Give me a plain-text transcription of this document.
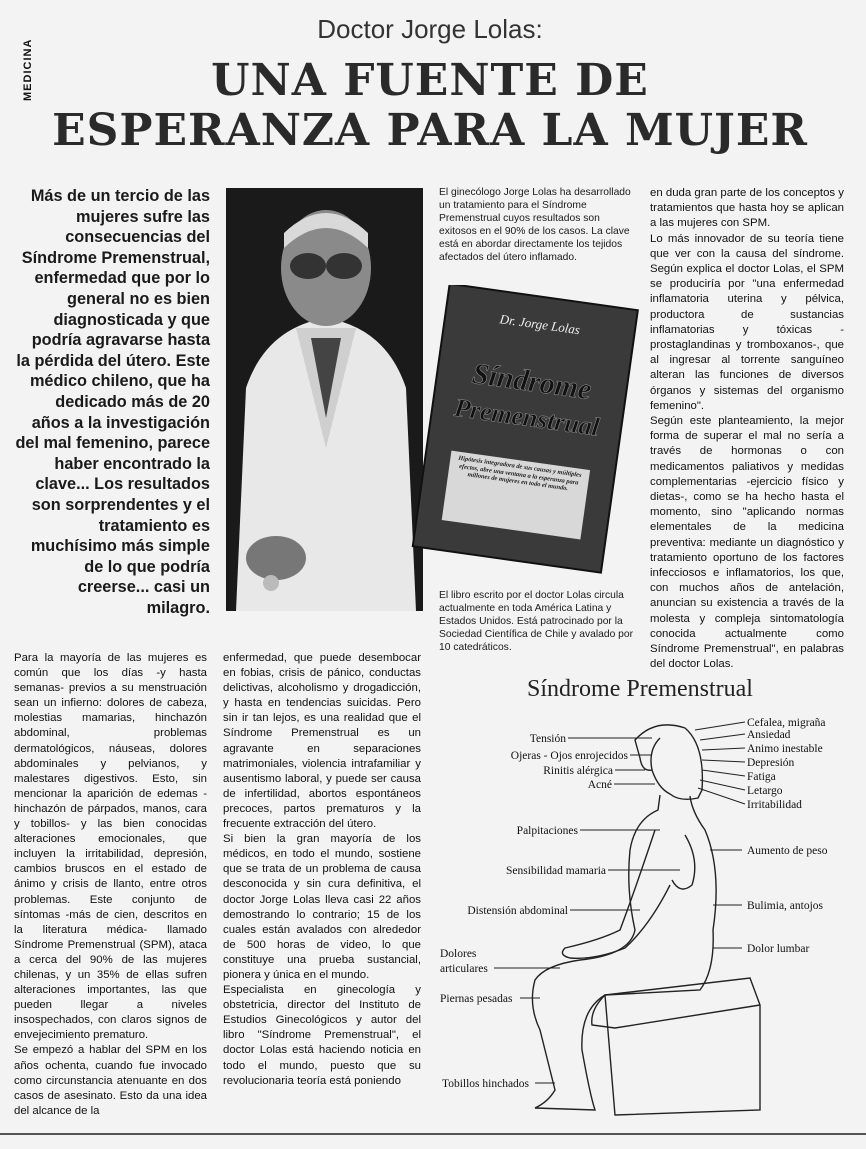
MEDICINA
Doctor Jorge Lolas:
UNA FUENTE DE
ESPERANZA PARA LA MUJER
Más de un tercio de las mujeres sufre las consecuencias del Síndrome Premenstrual, enfermedad que por lo general no es bien diagnosticada y que podría agravarse hasta la pérdida del útero. Este médico chileno, que ha dedicado más de 20 años a la investigación del mal femenino, parece haber encontrado la clave... Los resultados son sorprendentes y el tratamiento es muchísimo más simple de lo que podría creerse... casi un milagro.
Dr. Jorge Lolas
Síndrome
Premenstrual
Hipótesis integradora de sus causas y múltiples efectos, abre una ventana a la esperanza para millones de mujeres en todo el mundo.
El ginecólogo Jorge Lolas ha desarrollado un tratamiento para el Síndrome Premenstrual cuyos resultados son exitosos en el 90% de los casos. La clave está en abordar directamente los tejidos afectados del útero inflamado.
El libro escrito por el doctor Lolas circula actualmente en toda América Latina y Estados Unidos. Está patrocinado por la Sociedad Científica de Chile y avalado por 10 catedráticos.

en duda gran parte de los conceptos y tratamientos que hasta hoy se aplican a las mujeres con SPM.

Lo más innovador de su teoría tiene que ver con la causa del síndrome. Según explica el doctor Lolas, el SPM se produciría por "una enfermedad inflamatoria uterina y pélvica, productora de sustancias inflamatorias y tóxicas -prostaglandinas y tromboxanos-, que al ingresar al torrente sanguíneo alteran las funciones de diversos órganos y sistemas del organismo femenino".

Según este planteamiento, la mejor forma de superar el mal no sería a través de hormonas o con medicamentos paliativos y medidas complementarias -ejercicio físico y dietas-, como se ha hecho hasta el momento, sino "aplicando normas elementales de la medicina preventiva: mediante un diagnóstico y tratamiento oportuno de los factores infecciosos e inflamatorios, los que, con muchos años de antelación, anuncian su existencia a través de la molesta y compleja sintomatología conocida actualmente como Síndrome Premenstrual", en palabras del doctor Lolas.

Para la mayoría de las mujeres es común que los días -y hasta semanas- previos a su menstruación sean un infierno: dolores de cabeza, molestias mamarias, hinchazón abdominal, problemas dermatológicos, náuseas, dolores abdominales y pelvianos, y malestares digestivos. Esto, sin mencionar la aparición de edemas -hinchazón de párpados, manos, cara y tobillos- y las bien conocidas alteraciones emocionales, que incluyen la irritabilidad, depresión, cambios bruscos en el estado de ánimo y crisis de llanto, entre otros problemas. Este conjunto de síntomas -más de cien, descritos en la literatura médica- llamado Síndrome Premenstrual (SPM), ataca a cerca del 90% de las mujeres chilenas, y un 35% de ellas sufren alteraciones importantes, las que pueden llegar a niveles insospechados, con claros signos de envejecimiento prematuro.

Se empezó a hablar del SPM en los años ochenta, cuando fue invocado como circunstancia atenuante en dos casos de asesinato. Esto da una idea del alcance de la

enfermedad, que puede desembocar en fobias, crisis de pánico, conductas delictivas, alcoholismo y drogadicción, y hasta en tendencias suicidas. Pero sin ir tan lejos, es una realidad que el Síndrome Premenstrual es un agravante en separaciones matrimoniales, violencia intrafamiliar y ausentismo laboral, y puede ser causa de infertilidad, abortos espontáneos precoces, partos prematuros y la frecuente extracción del útero.

Si bien la gran mayoría de los médicos, en todo el mundo, sostiene que se trata de un problema de causa desconocida y sin cura definitiva, el doctor Jorge Lolas lleva casi 22 años demostrando lo contrario; 15 de los cuales están avalados con alrededor de 500 horas de video, lo que constituye una prueba sustancial, pionera y única en el mundo.

Especialista en ginecología y obstetricia, director del Instituto de Estudios Ginecológicos y autor del libro "Síndrome Premenstrual", el doctor Lolas está haciendo noticia en todo el mundo, puesto que su revolucionaria teoría está poniendo

Síndrome Premenstrual
Tensión
Ojeras - Ojos enrojecidos
Rinitis alérgica
Acné
Palpitaciones
Sensibilidad mamaria
Distensión abdominal
Dolores
articulares
Piernas pesadas
Tobillos hinchados
Cefalea, migraña
Ansiedad
Animo inestable
Depresión
Fatiga
Letargo
Irritabilidad
Aumento de peso
Bulimia, antojos
Dolor lumbar
